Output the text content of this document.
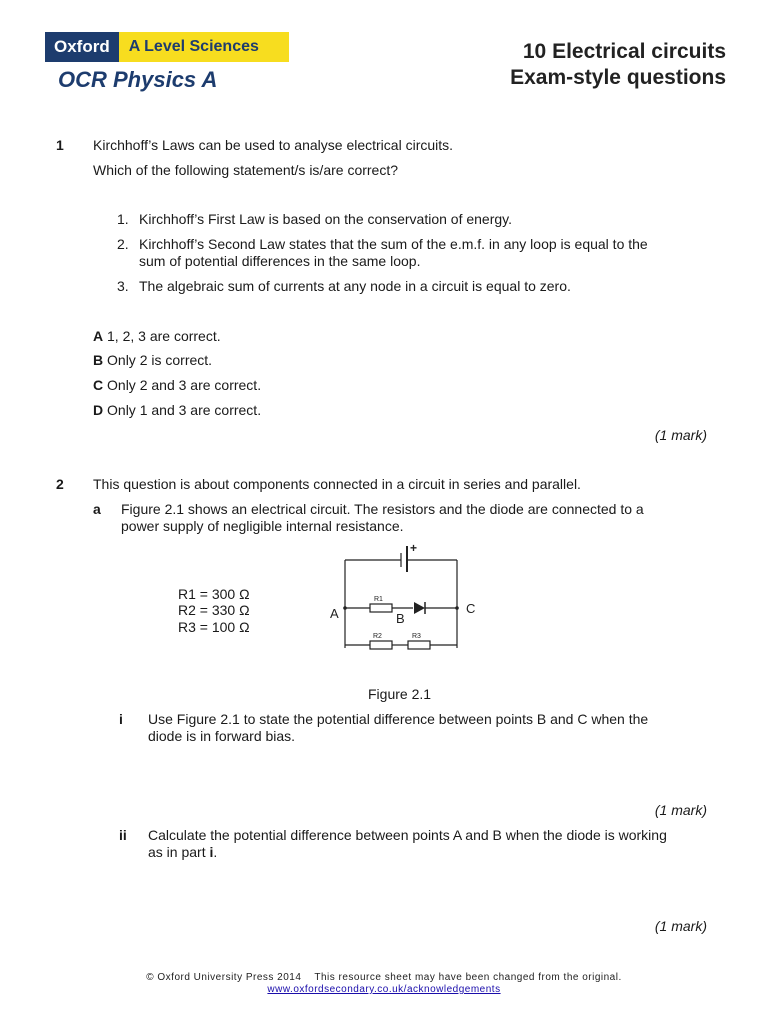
Oxford	A Level Sciences
OCR Physics A
10 Electrical circuits
Exam-style questions
1 Kirchhoff’s Laws can be used to analyse electrical circuits.
Which of the following statement/s is/are correct?
1. Kirchhoff’s First Law is based on the conservation of energy.
2. Kirchhoff’s Second Law states that the sum of the e.m.f. in any loop is equal to the
sum of potential differences in the same loop.
3. The algebraic sum of currents at any node in a circuit is equal to zero.
A 1, 2, 3 are correct.
B Only 2 is correct.
C Only 2 and 3 are correct.
D Only 1 and 3 are correct.
(1 mark)
2 This question is about components connected in a circuit in series and parallel.
a Figure 2.1 shows an electrical circuit. The resistors and the diode are connected to a
power supply of negligible internal resistance.
R1 = 300 Ω
R2 = 330 Ω
R3 = 100 Ω
+
R1
R2	R3
B
A	C
Figure 2.1
i Use Figure 2.1 to state the potential difference between points B and C when the
diode is in forward bias.
(1 mark)
ii Calculate the potential difference between points A and B when the diode is working
as in part i.
(1 mark)
© Oxford University Press 2014    This resource sheet may have been changed from the original.
www.oxfordsecondary.co.uk/acknowledgements
